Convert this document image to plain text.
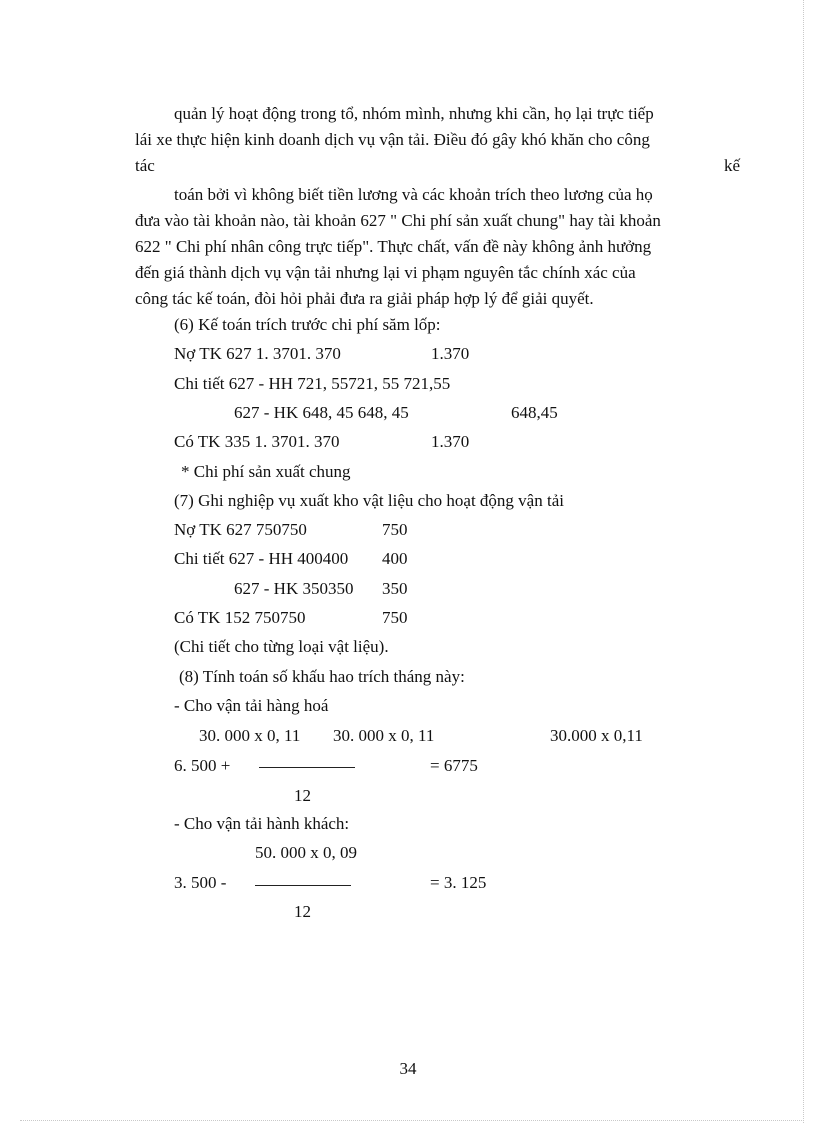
quản lý hoạt động trong tổ, nhóm mình, nhưng khi cần, họ lại trực tiếp
lái xe thực hiện kinh doanh dịch vụ vận tải. Điều đó gây khó khăn cho công
tác	kế
toán bởi vì không biết tiền lương và các khoản trích theo lương của họ
đưa vào tài khoản nào, tài khoản 627 " Chi phí sản xuất chung" hay tài khoản
622 " Chi phí nhân công trực tiếp". Thực chất, vấn đề này không ảnh hưởng
đến giá thành dịch vụ vận tải nhưng lại vi phạm nguyên tắc chính xác của
công tác kế toán, đòi hỏi phải đưa ra giải pháp hợp lý để giải quyết.
(6) Kế toán trích trước chi phí săm lốp:
Nợ TK 627 1. 3701. 370	1.370
Chi tiết 627 - HH 721, 55721, 55 721,55
627 - HK 648, 45 648, 45	648,45
Có TK 335 1. 3701. 370	1.370
* Chi phí sản xuất chung
(7) Ghi nghiệp vụ xuất kho vật liệu cho hoạt động vận tải
Nợ TK 627 750750	750
Chi tiết 627 - HH 400400 400
627 - HK 350350 350
Có TK 152 750750	750
(Chi tiết cho từng loại vật liệu).
(8) Tính toán số khấu hao trích tháng này:
- Cho vận tải hàng hoá
30. 000 x 0, 11 30. 000 x 0, 11	30.000 x 0,11
6. 500 +	= 6775
12
- Cho vận tải hành khách:
50. 000 x 0, 09
3. 500 -	= 3. 125
12
34
